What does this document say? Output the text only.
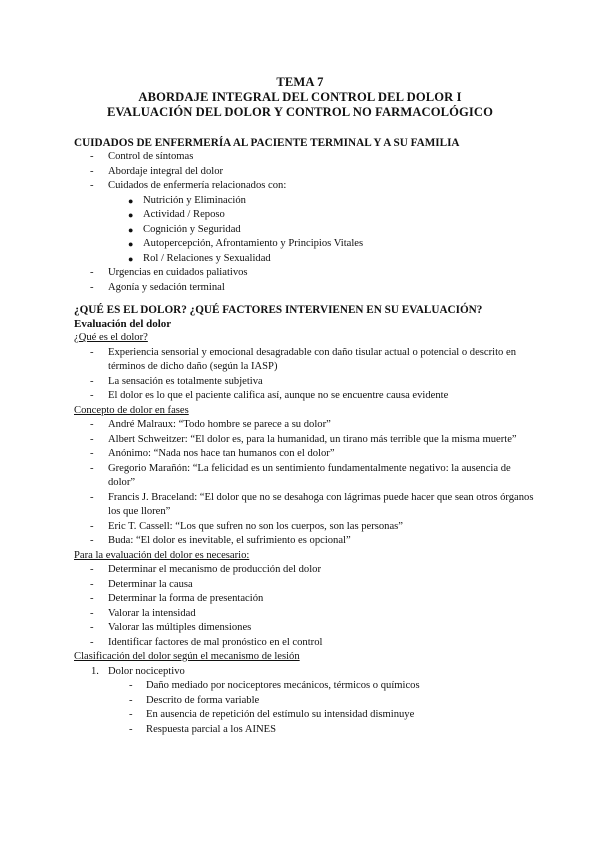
TEMA 7
ABORDAJE INTEGRAL DEL CONTROL DEL DOLOR I
EVALUACIÓN DEL DOLOR Y CONTROL NO FARMACOLÓGICO
CUIDADOS DE ENFERMERÍA AL PACIENTE TERMINAL Y A SU FAMILIA
- Control de síntomas
- Abordaje integral del dolor
- Cuidados de enfermería relacionados con:
● Nutrición y Eliminación
● Actividad / Reposo
● Cognición y Seguridad
● Autopercepción, Afrontamiento y Principios Vitales
● Rol / Relaciones y Sexualidad
- Urgencias en cuidados paliativos
- Agonía y sedación terminal
¿QUÉ ES EL DOLOR? ¿QUÉ FACTORES INTERVIENEN EN SU EVALUACIÓN?
Evaluación del dolor
¿Qué es el dolor?
- Experiencia sensorial y emocional desagradable con daño tisular actual o potencial o descrito en términos de dicho daño (según la IASP)
- La sensación es totalmente subjetiva
- El dolor es lo que el paciente califica así, aunque no se encuentre causa evidente
Concepto de dolor en fases
- André Malraux: “Todo hombre se parece a su dolor”
- Albert Schweitzer: “El dolor es, para la humanidad, un tirano más terrible que la misma muerte”
- Anónimo: “Nada nos hace tan humanos con el dolor”
- Gregorio Marañón: “La felicidad es un sentimiento fundamentalmente negativo: la ausencia de dolor”
- Francis J. Braceland: “El dolor que no se desahoga con lágrimas puede hacer que sean otros órganos los que lloren”
- Eric T. Cassell: “Los que sufren no son los cuerpos, son las personas”
- Buda: “El dolor es inevitable, el sufrimiento es opcional”
Para la evaluación del dolor es necesario:
- Determinar el mecanismo de producción del dolor
- Determinar la causa
- Determinar la forma de presentación
- Valorar la intensidad
- Valorar las múltiples dimensiones
- Identificar factores de mal pronóstico en el control
Clasificación del dolor según el mecanismo de lesión
1. Dolor nociceptivo
- Daño mediado por nociceptores mecánicos, térmicos o químicos
- Descrito de forma variable
- En ausencia de repetición del estímulo su intensidad disminuye
- Respuesta parcial a los AINES
